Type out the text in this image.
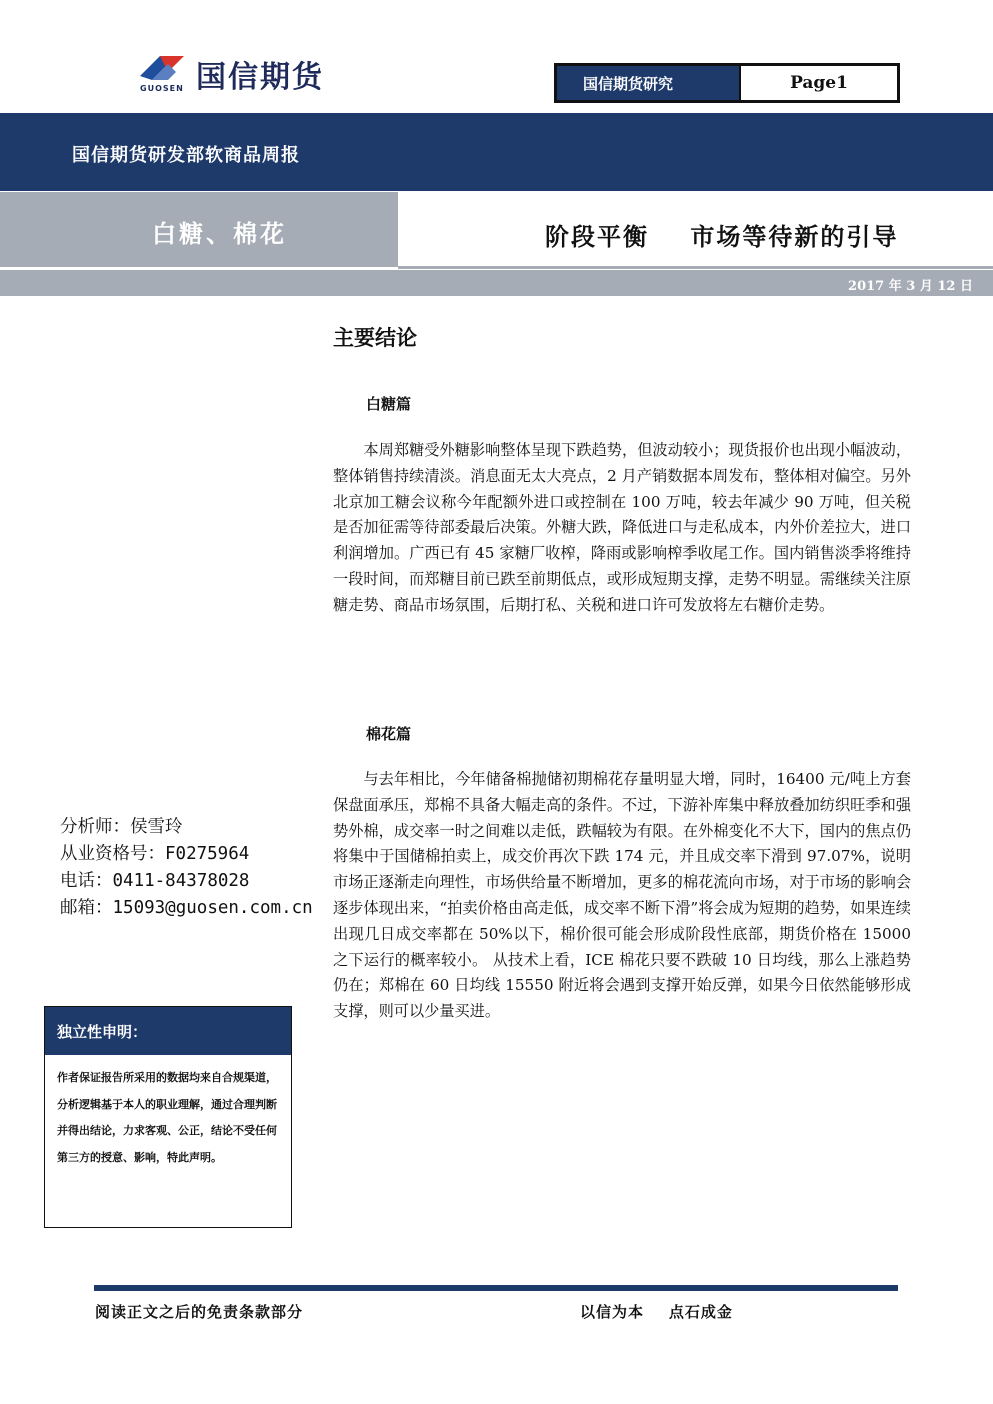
国信期货
GUOSEN	国信期货研究	Page1
国信期货研发部软商品周报
白糖、棉花	阶段平衡    市场等待新的引导
2017 年 3 月 12 日
主要结论
白糖篇

本周郑糖受外糖影响整体呈现下跌趋势，但波动较小；现货报价也出现小幅波动，整体销售持续清淡。消息面无太大亮点，2 月产销数据本周发布，整体相对偏空。另外北京加工糖会议称今年配额外进口或控制在 100 万吨，较去年减少 90 万吨，但关税是否加征需等待部委最后决策。外糖大跌，降低进口与走私成本，内外价差拉大，进口利润增加。广西已有 45 家糖厂收榨，降雨或影响榨季收尾工作。国内销售淡季将维持一段时间，而郑糖目前已跌至前期低点，或形成短期支撑，走势不明显。需继续关注原糖走势、商品市场氛围，后期打私、关税和进口许可发放将左右糖价走势。

棉花篇

与去年相比，今年储备棉抛储初期棉花存量明显大增，同时，16400 元/吨上方套保盘面承压，郑棉不具备大幅走高的条件。不过，下游补库集中释放叠加纺织旺季和强势外棉，成交率一时之间难以走低，跌幅较为有限。在外棉变化不大下，国内的焦点仍将集中于国储棉拍卖上，成交价再次下跌 174 元，并且成交率下滑到 97.07%，说明市场正逐渐走向理性，市场供给量不断增加，更多的棉花流向市场，对于市场的影响会逐步体现出来，“拍卖价格由高走低，成交率不断下滑”将会成为短期的趋势，如果连续出现几日成交率都在 50%以下，棉价很可能会形成阶段性底部，期货价格在 15000 之下运行的概率较小。 从技术上看，ICE 棉花只要不跌破 10 日均线，那么上涨趋势仍在；郑棉在 60 日均线 15550 附近将会遇到支撑开始反弹，如果今日依然能够形成支撑，则可以少量买进。

分析师：侯雪玲
从业资格号：F0275964
电话：0411-84378028
邮箱：15093@guosen.com.cn
独立性申明：
作者保证报告所采用的数据均来自合规渠道，分析逻辑基于本人的职业理解，通过合理判断并得出结论，力求客观、公正，结论不受任何第三方的授意、影响，特此声明。
阅读正文之后的免责条款部分	以信为本    点石成金
